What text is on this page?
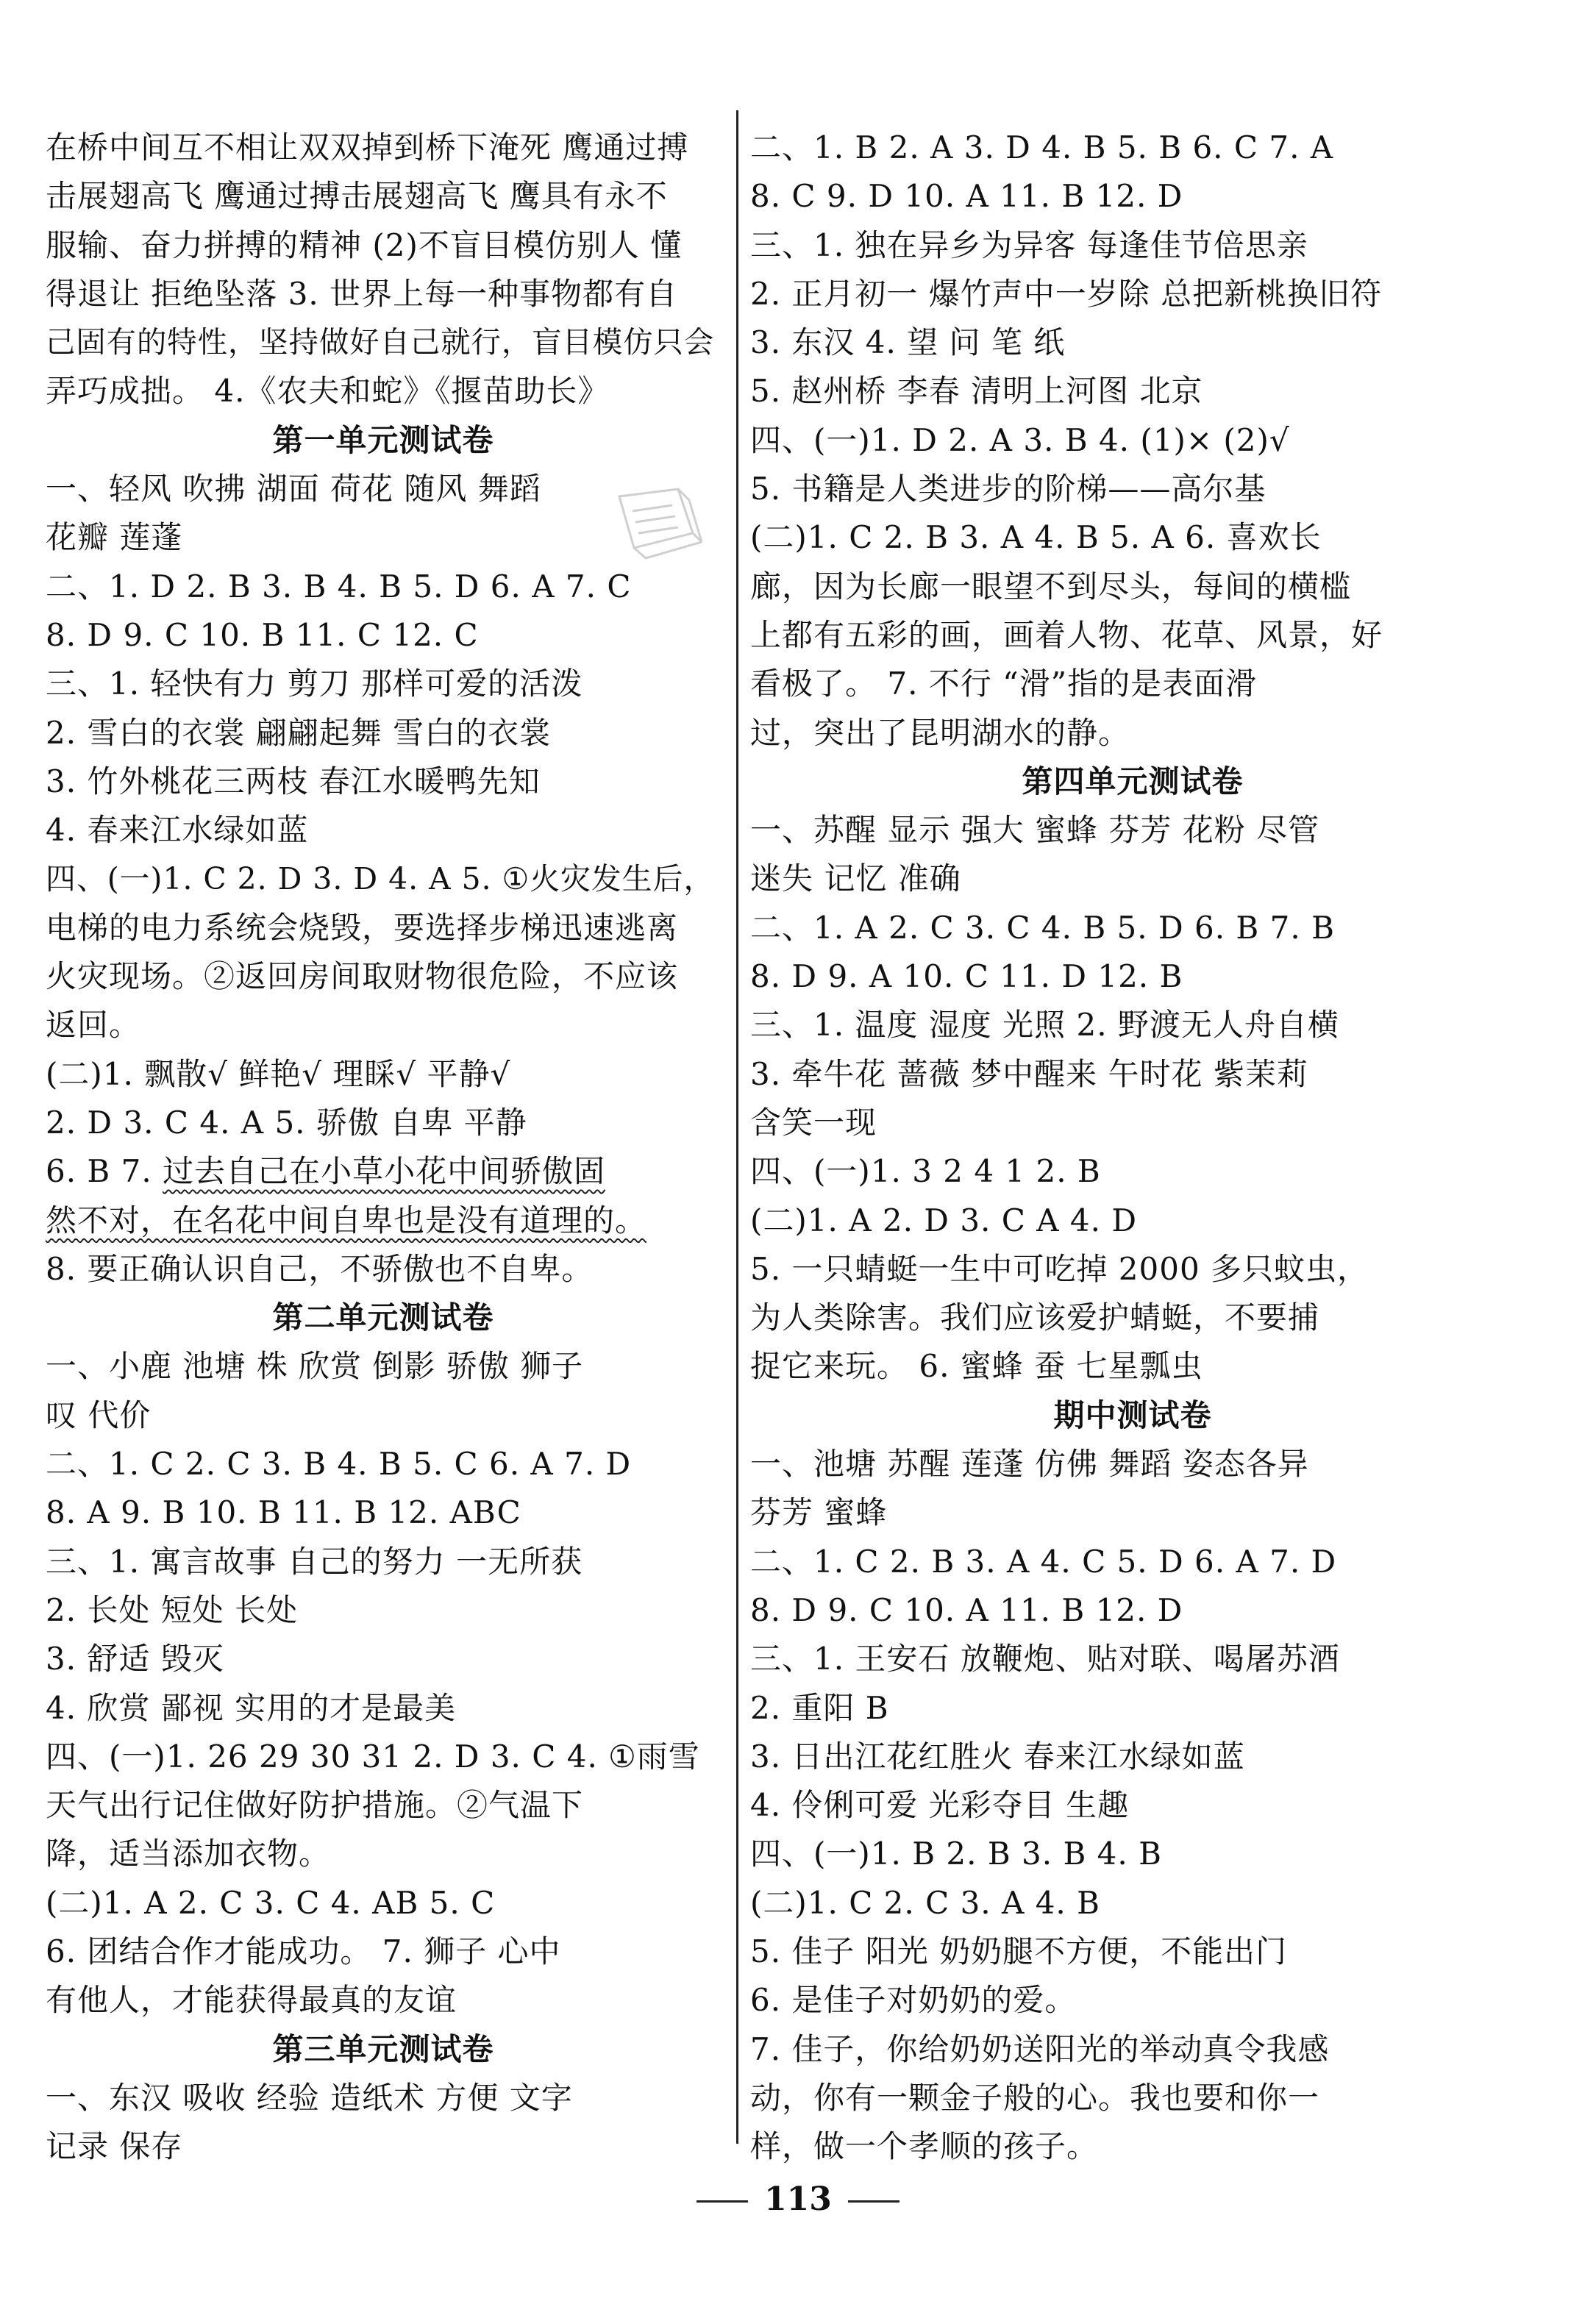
在桥中间互不相让双双掉到桥下淹死 鹰通过搏
击展翅高飞 鹰通过搏击展翅高飞 鹰具有永不
服输、奋力拼搏的精神 (2)不盲目模仿别人 懂
得退让 拒绝坠落 3. 世界上每一种事物都有自
己固有的特性，坚持做好自己就行，盲目模仿只会
弄巧成拙。 4.《农夫和蛇》《揠苗助长》
第一单元测试卷
一、轻风 吹拂 湖面 荷花 随风 舞蹈
花瓣 莲蓬
二、1. D 2. B 3. B 4. B 5. D 6. A 7. C
8. D 9. C 10. B 11. C 12. C
三、1. 轻快有力 剪刀 那样可爱的活泼
2. 雪白的衣裳 翩翩起舞 雪白的衣裳
3. 竹外桃花三两枝 春江水暖鸭先知
4. 春来江水绿如蓝
四、(一)1. C 2. D 3. D 4. A 5. ①火灾发生后，
电梯的电力系统会烧毁，要选择步梯迅速逃离
火灾现场。②返回房间取财物很危险，不应该
返回。
(二)1. 飘散√ 鲜艳√ 理睬√ 平静√
2. D 3. C 4. A 5. 骄傲 自卑 平静
6. B 7. 过去自己在小草小花中间骄傲固
然不对，在名花中间自卑也是没有道理的。
8. 要正确认识自己，不骄傲也不自卑。
第二单元测试卷
一、小鹿 池塘 株 欣赏 倒影 骄傲 狮子
叹 代价
二、1. C 2. C 3. B 4. B 5. C 6. A 7. D
8. A 9. B 10. B 11. B 12. ABC
三、1. 寓言故事 自己的努力 一无所获
2. 长处 短处 长处
3. 舒适 毁灭
4. 欣赏 鄙视 实用的才是最美
四、(一)1. 26 29 30 31 2. D 3. C 4. ①雨雪
天气出行记住做好防护措施。②气温下
降，适当添加衣物。
(二)1. A 2. C 3. C 4. AB 5. C
6. 团结合作才能成功。 7. 狮子 心中
有他人，才能获得最真的友谊
第三单元测试卷
一、东汉 吸收 经验 造纸术 方便 文字
记录 保存
二、1. B 2. A 3. D 4. B 5. B 6. C 7. A
8. C 9. D 10. A 11. B 12. D
三、1. 独在异乡为异客 每逢佳节倍思亲
2. 正月初一 爆竹声中一岁除 总把新桃换旧符
3. 东汉 4. 望 问 笔 纸
5. 赵州桥 李春 清明上河图 北京
四、(一)1. D 2. A 3. B 4. (1)× (2)√
5. 书籍是人类进步的阶梯——高尔基
(二)1. C 2. B 3. A 4. B 5. A 6. 喜欢长
廊，因为长廊一眼望不到尽头，每间的横槛
上都有五彩的画，画着人物、花草、风景，好
看极了。 7. 不行 “滑”指的是表面滑
过，突出了昆明湖水的静。
第四单元测试卷
一、苏醒 显示 强大 蜜蜂 芬芳 花粉 尽管
迷失 记忆 准确
二、1. A 2. C 3. C 4. B 5. D 6. B 7. B
8. D 9. A 10. C 11. D 12. B
三、1. 温度 湿度 光照 2. 野渡无人舟自横
3. 牵牛花 蔷薇 梦中醒来 午时花 紫茉莉
含笑一现
四、(一)1. 3 2 4 1 2. B
(二)1. A 2. D 3. C A 4. D
5. 一只蜻蜓一生中可吃掉 2000 多只蚊虫，
为人类除害。我们应该爱护蜻蜓，不要捕
捉它来玩。 6. 蜜蜂 蚕 七星瓢虫
期中测试卷
一、池塘 苏醒 莲蓬 仿佛 舞蹈 姿态各异
芬芳 蜜蜂
二、1. C 2. B 3. A 4. C 5. D 6. A 7. D
8. D 9. C 10. A 11. B 12. D
三、1. 王安石 放鞭炮、贴对联、喝屠苏酒
2. 重阳 B
3. 日出江花红胜火 春来江水绿如蓝
4. 伶俐可爱 光彩夺目 生趣
四、(一)1. B 2. B 3. B 4. B
(二)1. C 2. C 3. A 4. B
5. 佳子 阳光 奶奶腿不方便，不能出门
6. 是佳子对奶奶的爱。
7. 佳子，你给奶奶送阳光的举动真令我感
动，你有一颗金子般的心。我也要和你一
样，做一个孝顺的孩子。
113
